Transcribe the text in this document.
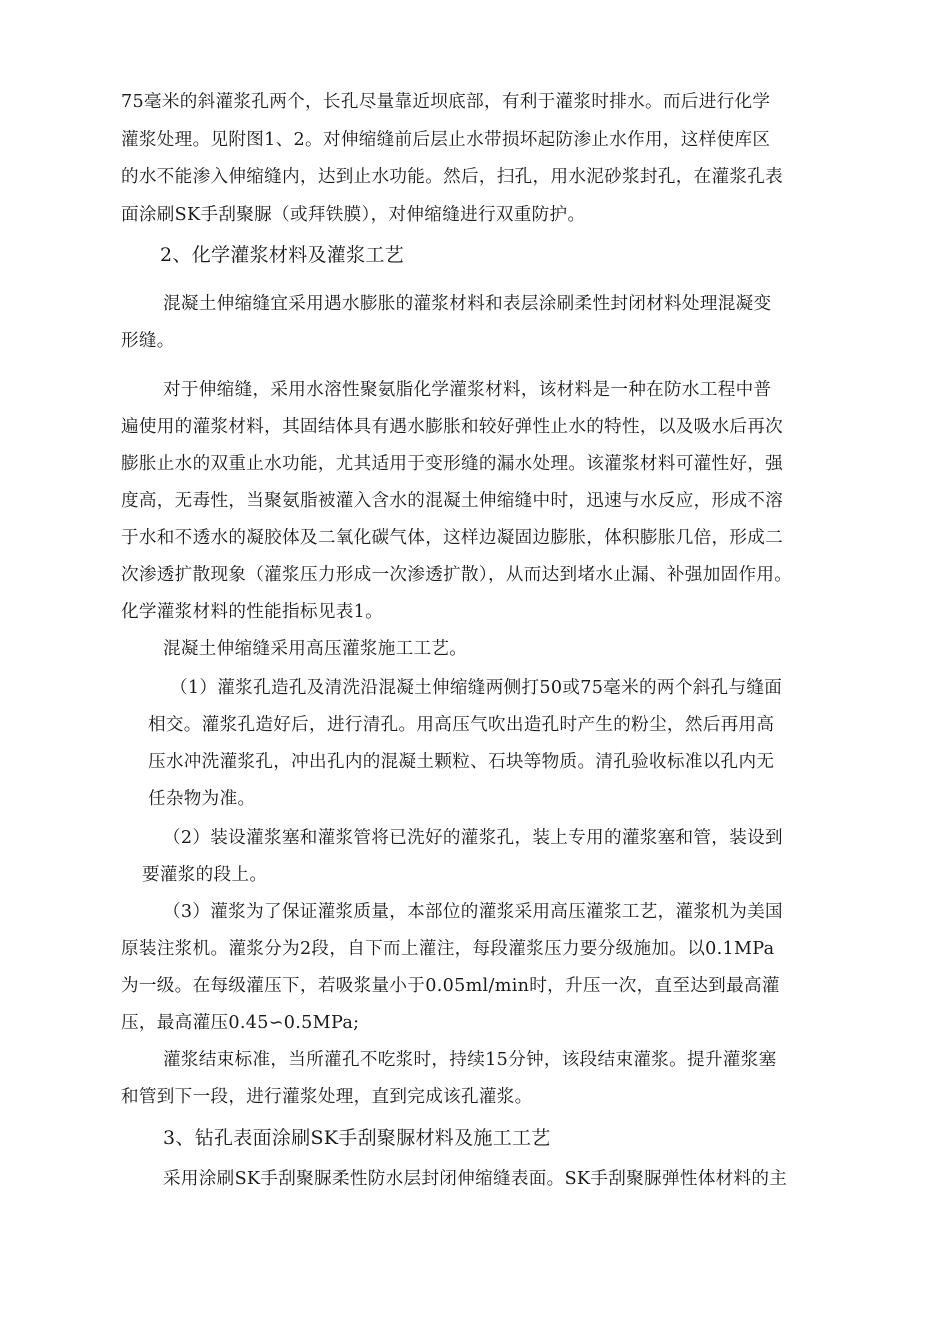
75毫米的斜灌浆孔两个，长孔尽量靠近坝底部，有利于灌浆时排水。而后进行化学
灌浆处理。见附图1、2。对伸缩缝前后层止水带损坏起防渗止水作用，这样使库区
的水不能渗入伸缩缝内，达到止水功能。然后，扫孔，用水泥砂浆封孔，在灌浆孔表
面涂刷SK手刮聚脲（或拜铁膜），对伸缩缝进行双重防护。
2、化学灌浆材料及灌浆工艺
混凝土伸缩缝宜采用遇水膨胀的灌浆材料和表层涂刷柔性封闭材料处理混凝变
形缝。
对于伸缩缝，采用水溶性聚氨脂化学灌浆材料，该材料是一种在防水工程中普
遍使用的灌浆材料，其固结体具有遇水膨胀和较好弹性止水的特性，以及吸水后再次
膨胀止水的双重止水功能，尤其适用于变形缝的漏水处理。该灌浆材料可灌性好，强
度高，无毒性，当聚氨脂被灌入含水的混凝土伸缩缝中时，迅速与水反应，形成不溶
于水和不透水的凝胶体及二氧化碳气体，这样边凝固边膨胀，体积膨胀几倍，形成二
次渗透扩散现象（灌浆压力形成一次渗透扩散），从而达到堵水止漏、补强加固作用。
化学灌浆材料的性能指标见表1。
混凝土伸缩缝采用高压灌浆施工工艺。
（1）灌浆孔造孔及清洗沿混凝土伸缩缝两侧打50或75毫米的两个斜孔与缝面
相交。灌浆孔造好后，进行清孔。用高压气吹出造孔时产生的粉尘，然后再用高
压水冲洗灌浆孔，冲出孔内的混凝土颗粒、石块等物质。清孔验收标准以孔内无
任杂物为准。
（2）装设灌浆塞和灌浆管将已洗好的灌浆孔，装上专用的灌浆塞和管，装设到
要灌浆的段上。
（3）灌浆为了保证灌浆质量，本部位的灌浆采用高压灌浆工艺，灌浆机为美国
原装注浆机。灌浆分为2段，自下而上灌注，每段灌浆压力要分级施加。以0.1MPa
为一级。在每级灌压下，若吸浆量小于0.05ml/min时，升压一次，直至达到最高灌
压，最高灌压0.45∽0.5MPa;
灌浆结束标准，当所灌孔不吃浆时，持续15分钟，该段结束灌浆。提升灌浆塞
和管到下一段，进行灌浆处理，直到完成该孔灌浆。
3、钻孔表面涂刷SK手刮聚脲材料及施工工艺
采用涂刷SK手刮聚脲柔性防水层封闭伸缩缝表面。SK手刮聚脲弹性体材料的主
